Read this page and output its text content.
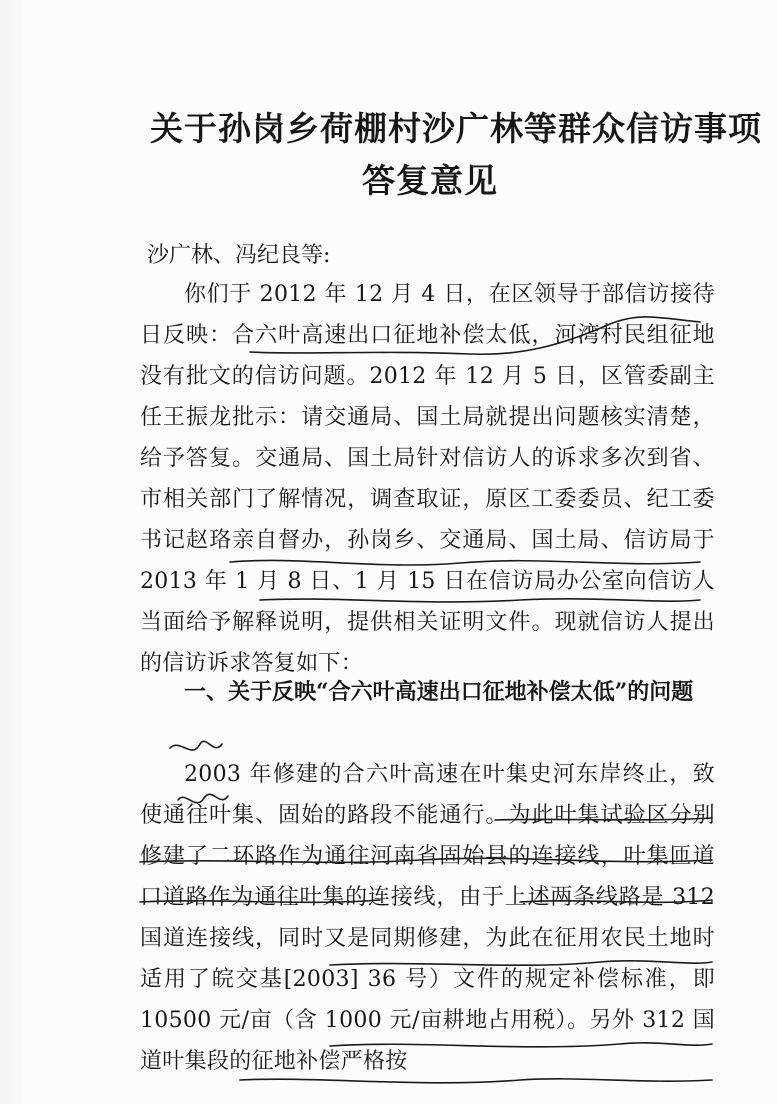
关于孙岗乡荷棚村沙广林等群众信访事项
答复意见
沙广林、冯纪良等:
你们于 2012 年 12 月 4 日，在区领导于部信访接待日反映：合六叶高速出口征地补偿太低，河湾村民组征地没有批文的信访问题。2012 年 12 月 5 日，区管委副主任王振龙批示：请交通局、国土局就提出问题核实清楚，给予答复。交通局、国土局针对信访人的诉求多次到省、市相关部门了解情况，调查取证，原区工委委员、纪工委书记赵珞亲自督办，孙岗乡、交通局、国土局、信访局于 2013 年 1 月 8 日、1 月 15 日在信访局办公室向信访人当面给予解释说明，提供相关证明文件。现就信访人提出的信访诉求答复如下：
一、关于反映“合六叶高速出口征地补偿太低”的问题
2003 年修建的合六叶高速在叶集史河东岸终止，致使通往叶集、固始的路段不能通行。为此叶集试验区分别修建了二环路作为通往河南省固始县的连接线，叶集匝道口道路作为通往叶集的连接线，由于上述两条线路是 312 国道连接线，同时又是同期修建，为此在征用农民土地时适用了皖交基[2003] 36 号）文件的规定补偿标准，即 10500 元/亩（含 1000 元/亩耕地占用税）。另外 312 国道叶集段的征地补偿严格按
